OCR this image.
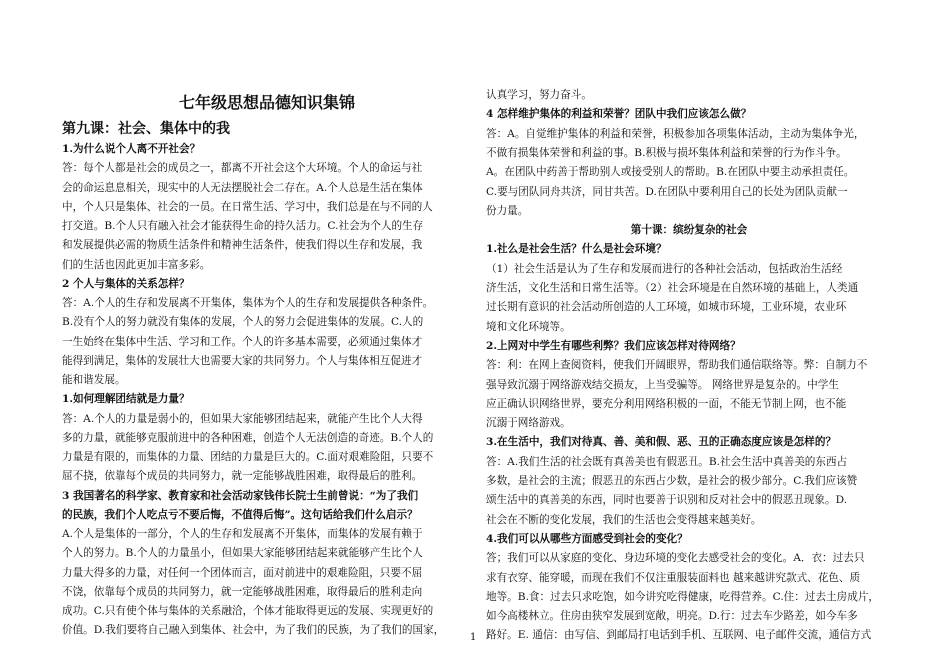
七年级思想品德知识集锦
第九课：社会、集体中的我
1.为什么说个人离不开社会？
答：每个人都是社会的成员之一，都离不开社会这个大环境。个人的命运与社
会的命运息息相关，现实中的人无法摆脱社会二存在。A.个人总是生活在集体
中，个人只是集体、社会的一员。在日常生活、学习中，我们总是在与不同的人
打交道。B.个人只有融入社会才能获得生命的持久活力。C.社会为个人的生存
和发展提供必需的物质生活条件和精神生活条件，使我们得以生存和发展，我
们的生活也因此更加丰富多彩。
2 个人与集体的关系怎样？
答：A.个人的生存和发展离不开集体，集体为个人的生存和发展提供各种条件。
B.没有个人的努力就没有集体的发展，个人的努力会促进集体的发展。C.人的
一生始终在集体中生活、学习和工作。个人的许多基本需要，必须通过集体才
能得到满足，集体的发展壮大也需要大家的共同努力。个人与集体相互促进才
能和谐发展。
1.如何理解团结就是力量？
答：A.个人的力量是弱小的，但如果大家能够团结起来，就能产生比个人大得
多的力量，就能够克服前进中的各种困难，创造个人无法创造的奇迹。B.个人的
力量是有限的，而集体的力量、团结的力量是巨大的。C.面对艰难险阻，只要不
屈不挠，依靠每个成员的共同努力，就一定能够战胜困难，取得最后的胜利。
3 我国著名的科学家、教育家和社会活动家钱伟长院士生前曾说：“为了我们
的民族，我们个人吃点亏不要后悔，不值得后悔”。这句话给我们什么启示？
A.个人是集体的一部分，个人的生存和发展离不开集体，而集体的发展有赖于
个人的努力。B.个人的力量虽小，但如果大家能够团结起来就能够产生比个人
力量大得多的力量，对任何一个团体而言，面对前进中的艰难险阻，只要不屈
不饶，依靠每个成员的共同努力，就一定能够战胜困难，取得最后的胜利走向
成功。C.只有使个体与集体的关系融洽，个体才能取得更远的发展、实现更好的
价值。D.我们要将自己融入到集体、社会中，为了我们的民族，为了我们的国家，
认真学习，努力奋斗。
4 怎样维护集体的利益和荣誉？团队中我们应该怎么做？
答：A。自觉维护集体的利益和荣誉，积极参加各项集体活动，主动为集体争光，
不做有损集体荣誉和利益的事。B.积极与损坏集体利益和荣誉的行为作斗争。
A。在团队中药善于帮助别人或接受别人的帮助。B.在团队中要主动承担责任。
C.要与团队同舟共济，同甘共苦。D.在团队中要利用自己的长处为团队贡献一
份力量。
第十课：缤纷复杂的社会
1.社么是社会生活？什么是社会环境？
（1）社会生活是认为了生存和发展而进行的各种社会活动，包括政治生活经
济生活，文化生活和日常生活等。（2）社会环境是在自然环境的基础上，人类通
过长期有意识的社会活动所创造的人工环境，如城市环境，工业环境，农业环
境和文化环境等。
2.上网对中学生有哪些利弊？我们应该怎样对待网络？
答：利：在网上查阅资料，使我们开阔眼界，帮助我们通信联络等。弊：自制力不
强导致沉溺于网络游戏结交损友，上当受骗等。 网络世界是复杂的。中学生
应正确认识网络世界，要充分利用网络积极的一面，不能无节制上网，也不能
沉溺于网络游戏。
3.在生活中，我们对待真、善、美和假、恶、丑的正确态度应该是怎样的？
答：A.我们生活的社会既有真善美也有假恶丑。B.社会生活中真善美的东西占
多数，是社会的主流；假恶丑的东西占少数，是社会的极少部分。C.我们应该赞
颂生活中的真善美的东西，同时也要善于识别和反对社会中的假恶丑现象。D.
社会在不断的变化发展，我们的生活也会变得越来越美好。
4.我们可以从哪些方面感受到社会的变化？
答；我们可以从家庭的变化、身边环境的变化去感受社会的变化。A．衣：过去只
求有衣穿、能穿暖，而现在我们不仅注重服装面料也 越来越讲究款式、花色、质
地等。B.食：过去只求吃饱，如今讲究吃得健康，吃得营养。C.住：过去土房成片，
如今高楼林立。住房由狭窄发展到宽敞，明亮。D.行：过去车少路差，如今车多
路好。E. 通信：由写信、到邮局打电话到手机、互联网、电子邮件交流，通信方式
1
